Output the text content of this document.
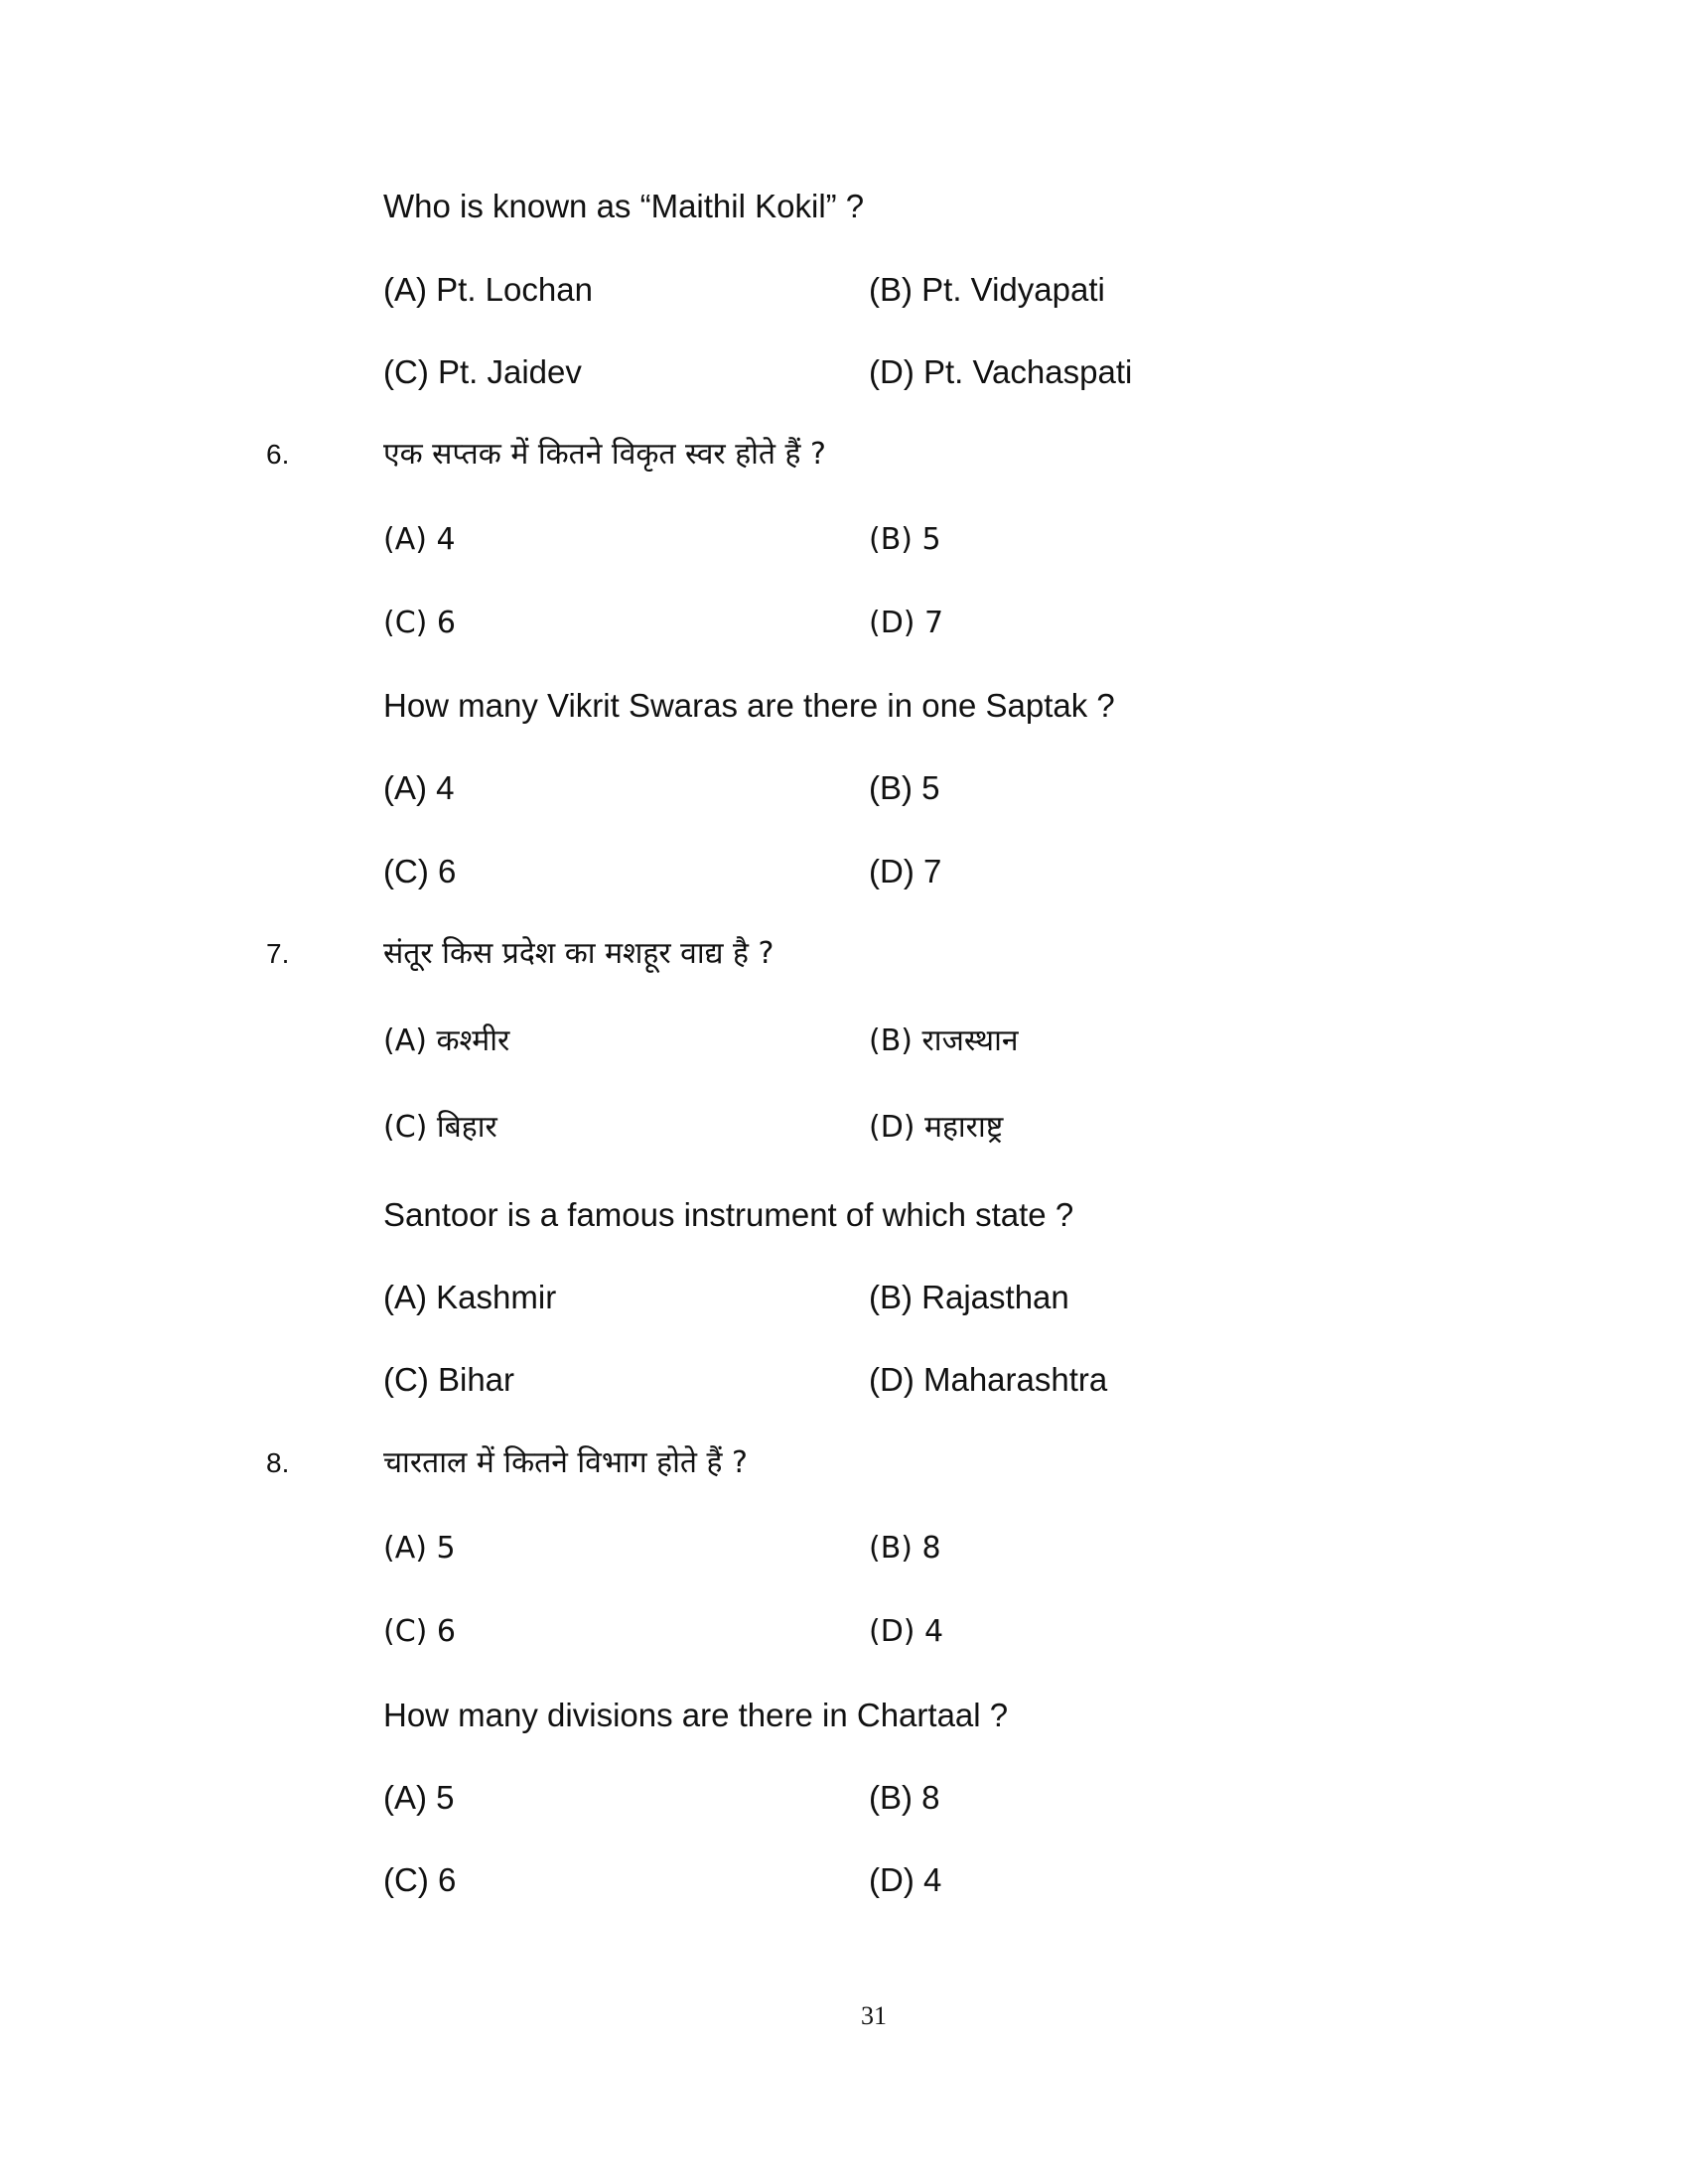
Who is known as “Maithil Kokil” ?
(A) Pt. Lochan	(B) Pt. Vidyapati
(C) Pt. Jaidev	(D) Pt. Vachaspati
6.	एक सप्तक में कितने विकृत स्वर होते हैं ?
(A) 4	(B) 5
(C) 6	(D) 7
How many Vikrit Swaras are there in one Saptak ?
(A) 4	(B) 5
(C) 6	(D) 7
7.	संतूर किस प्रदेश का मशहूर वाद्य है ?
(A) कश्मीर	(B) राजस्थान
(C) बिहार	(D) महाराष्ट्र
Santoor is a famous instrument of which state ?
(A) Kashmir	(B) Rajasthan
(C) Bihar	(D) Maharashtra
8.	चारताल में कितने विभाग होते हैं ?
(A) 5	(B) 8
(C) 6	(D) 4
How many divisions are there in Chartaal ?
(A) 5	(B) 8
(C) 6	(D) 4
31
